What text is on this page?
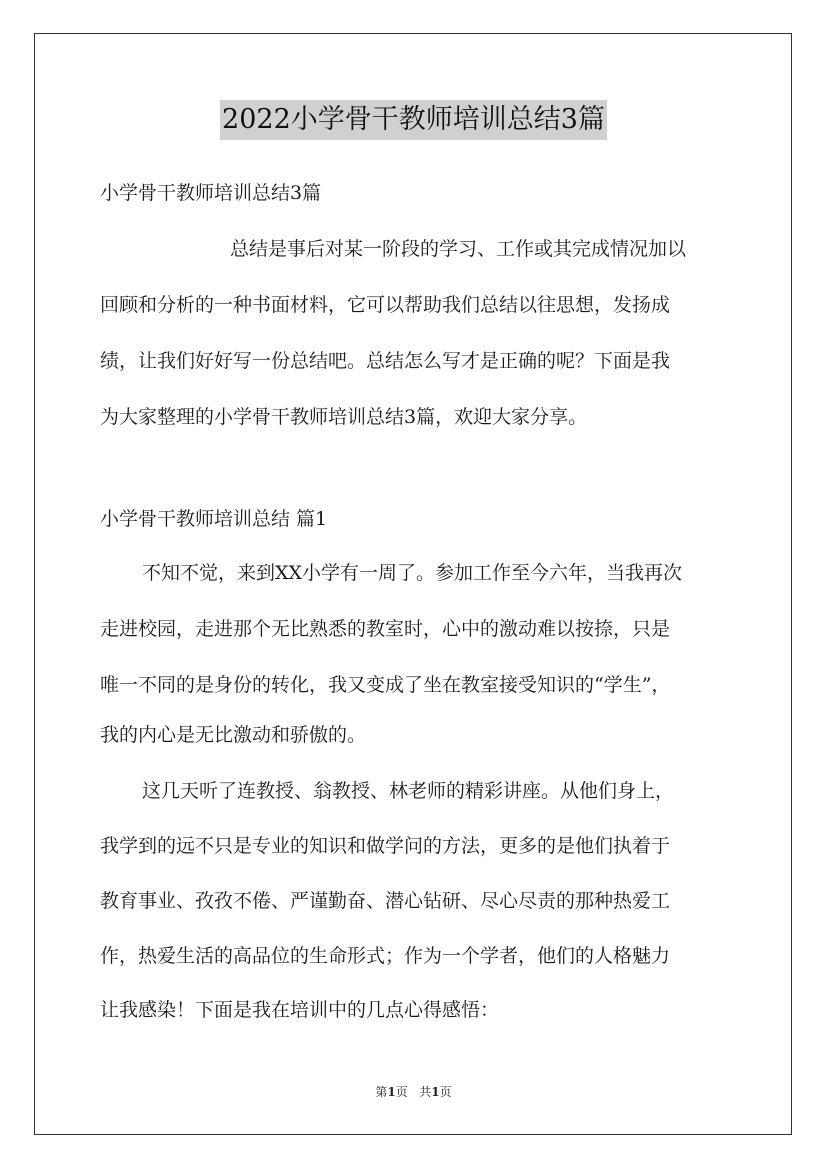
2022小学骨干教师培训总结3篇
小学骨干教师培训总结3篇
总结是事后对某一阶段的学习、工作或其完成情况加以
回顾和分析的一种书面材料，它可以帮助我们总结以往思想，发扬成
绩，让我们好好写一份总结吧。总结怎么写才是正确的呢？下面是我
为大家整理的小学骨干教师培训总结3篇，欢迎大家分享。
小学骨干教师培训总结 篇1
不知不觉，来到XX小学有一周了。参加工作至今六年，当我再次
走进校园，走进那个无比熟悉的教室时，心中的激动难以按捺，只是
唯一不同的是身份的转化，我又变成了坐在教室接受知识的“学生”，
我的内心是无比激动和骄傲的。
这几天听了连教授、翁教授、林老师的精彩讲座。从他们身上，
我学到的远不只是专业的知识和做学问的方法，更多的是他们执着于
教育事业、孜孜不倦、严谨勤奋、潜心钻研、尽心尽责的那种热爱工
作，热爱生活的高品位的生命形式；作为一个学者，他们的人格魅力
让我感染！下面是我在培训中的几点心得感悟：
第1页 共1页
